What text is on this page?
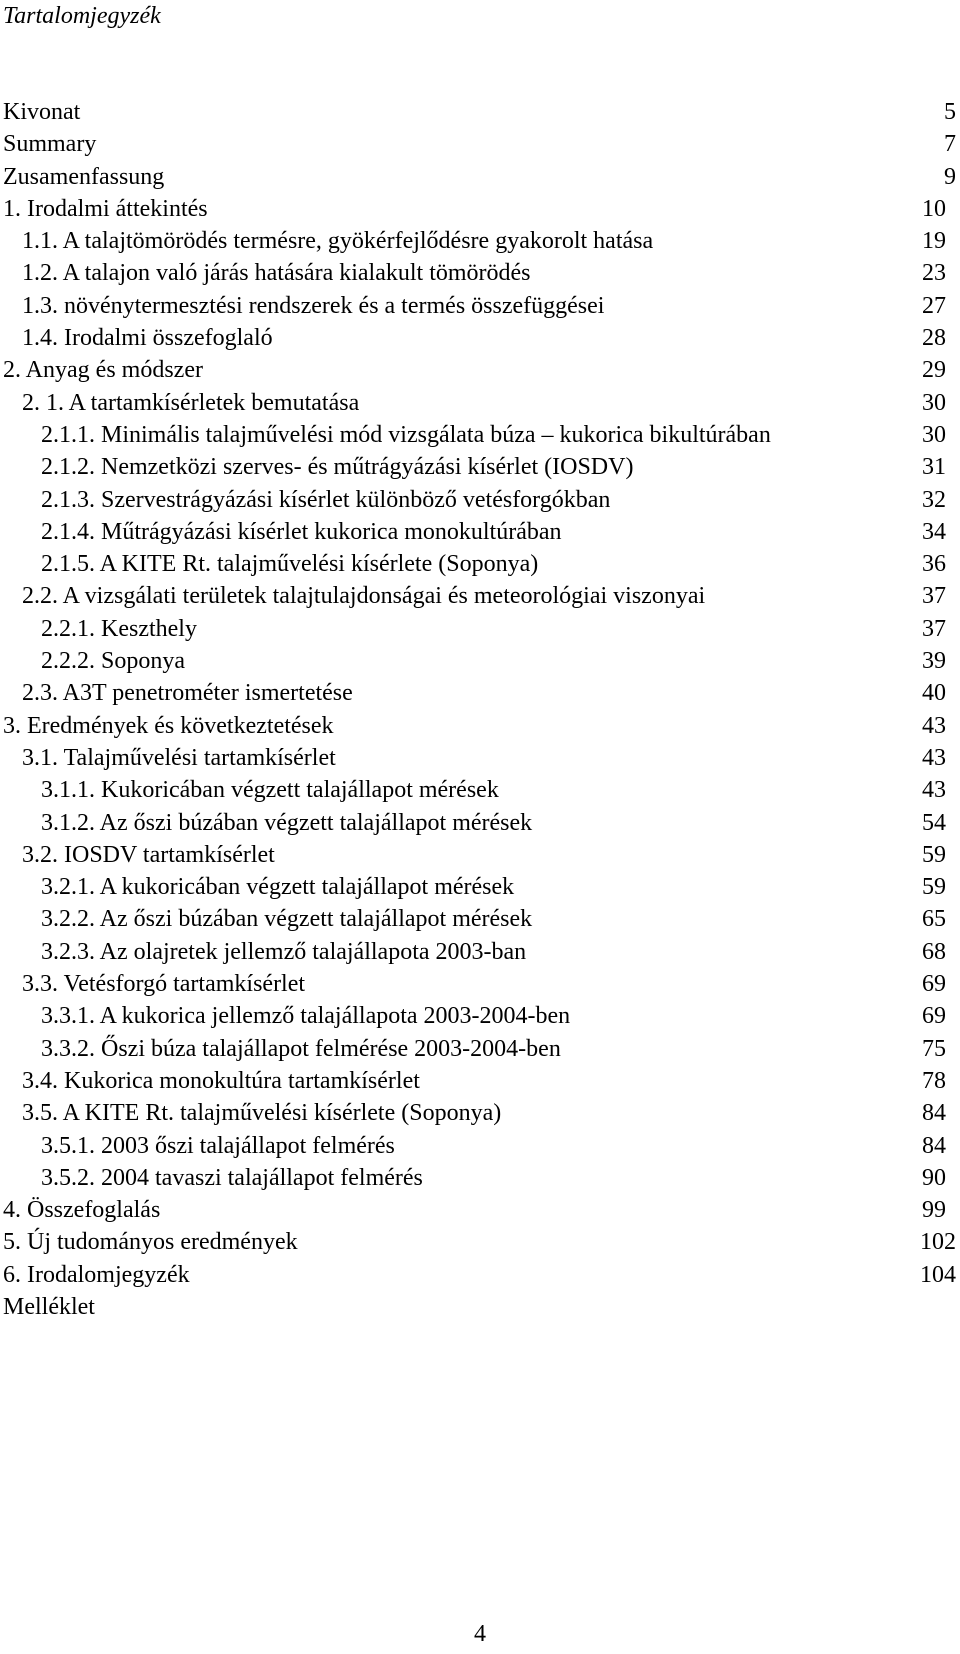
Tartalomjegyzék
Kivonat	5
Summary	7
Zusamenfassung	9
1. Irodalmi áttekintés	10
1.1. A talajtömörödés termésre, gyökérfejlődésre gyakorolt hatása	19
1.2. A talajon való járás hatására kialakult tömörödés	23
1.3. növénytermesztési rendszerek és a termés összefüggései	27
1.4. Irodalmi összefoglaló	28
2. Anyag és módszer	29
2. 1. A tartamkísérletek bemutatása	30
2.1.1. Minimális talajművelési mód vizsgálata búza – kukorica bikultúrában	30
2.1.2. Nemzetközi szerves- és műtrágyázási kísérlet (IOSDV)	31
2.1.3. Szervestrágyázási kísérlet különböző vetésforgókban	32
2.1.4. Műtrágyázási kísérlet kukorica monokultúrában	34
2.1.5. A KITE Rt. talajművelési kísérlete (Soponya)	36
2.2. A vizsgálati területek talajtulajdonságai és meteorológiai viszonyai	37
2.2.1. Keszthely	37
2.2.2. Soponya	39
2.3. A3T penetrométer ismertetése	40
3. Eredmények és következtetések	43
3.1. Talajművelési tartamkísérlet	43
3.1.1. Kukoricában végzett talajállapot mérések	43
3.1.2. Az őszi búzában végzett talajállapot mérések	54
3.2. IOSDV tartamkísérlet	59
3.2.1. A kukoricában végzett talajállapot mérések	59
3.2.2. Az őszi búzában végzett talajállapot mérések	65
3.2.3. Az olajretek jellemző talajállapota 2003-ban	68
3.3. Vetésforgó tartamkísérlet	69
3.3.1. A kukorica jellemző talajállapota 2003-2004-ben	69
3.3.2. Őszi búza talajállapot felmérése 2003-2004-ben	75
3.4. Kukorica monokultúra tartamkísérlet	78
3.5. A KITE Rt. talajművelési kísérlete (Soponya)	84
3.5.1. 2003 őszi talajállapot felmérés	84
3.5.2. 2004 tavaszi talajállapot felmérés	90
4. Összefoglalás	99
5. Új tudományos eredmények	102
6. Irodalomjegyzék	104
Melléklet
4
